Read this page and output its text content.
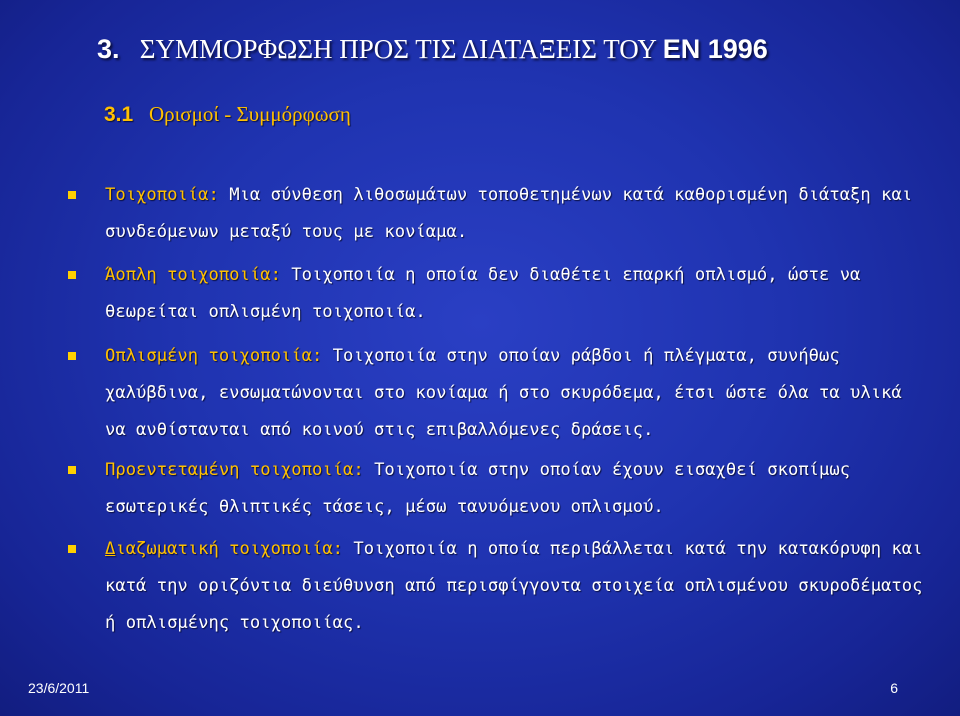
3. ΣΥΜΜΟΡΦΩΣΗ ΠΡΟΣ ΤΙΣ ΔΙΑΤΑΞΕΙΣ ΤΟΥ EN 1996
3.1 Ορισμοί - Συμμόρφωση
Τοιχοποιία: Μια σύνθεση λιθοσωμάτων τοποθετημένων κατά καθορισμένη διάταξη και συνδεόμενων μεταξύ τους με κονίαμα.
Άοπλη τοιχοποιία: Τοιχοποιία η οποία δεν διαθέτει επαρκή οπλισμό, ώστε να θεωρείται οπλισμένη τοιχοποιία.
Οπλισμένη τοιχοποιία: Τοιχοποιία στην οποίαν ράβδοι ή πλέγματα, συνήθως χαλύβδινα, ενσωματώνονται στο κονίαμα ή στο σκυρόδεμα, έτσι ώστε όλα τα υλικά να ανθίστανται από κοινού στις επιβαλλόμενες δράσεις.
Προεντεταμένη τοιχοποιία: Τοιχοποιία στην οποίαν έχουν εισαχθεί σκοπίμως εσωτερικές θλιπτικές τάσεις, μέσω τανυόμενου οπλισμού.
Διαζωματική τοιχοποιία: Τοιχοποιία η οποία περιβάλλεται κατά την κατακόρυφη και κατά την οριζόντια διεύθυνση από περισφίγγοντα στοιχεία οπλισμένου σκυροδέματος ή οπλισμένης τοιχοποιίας.
23/6/2011	6
